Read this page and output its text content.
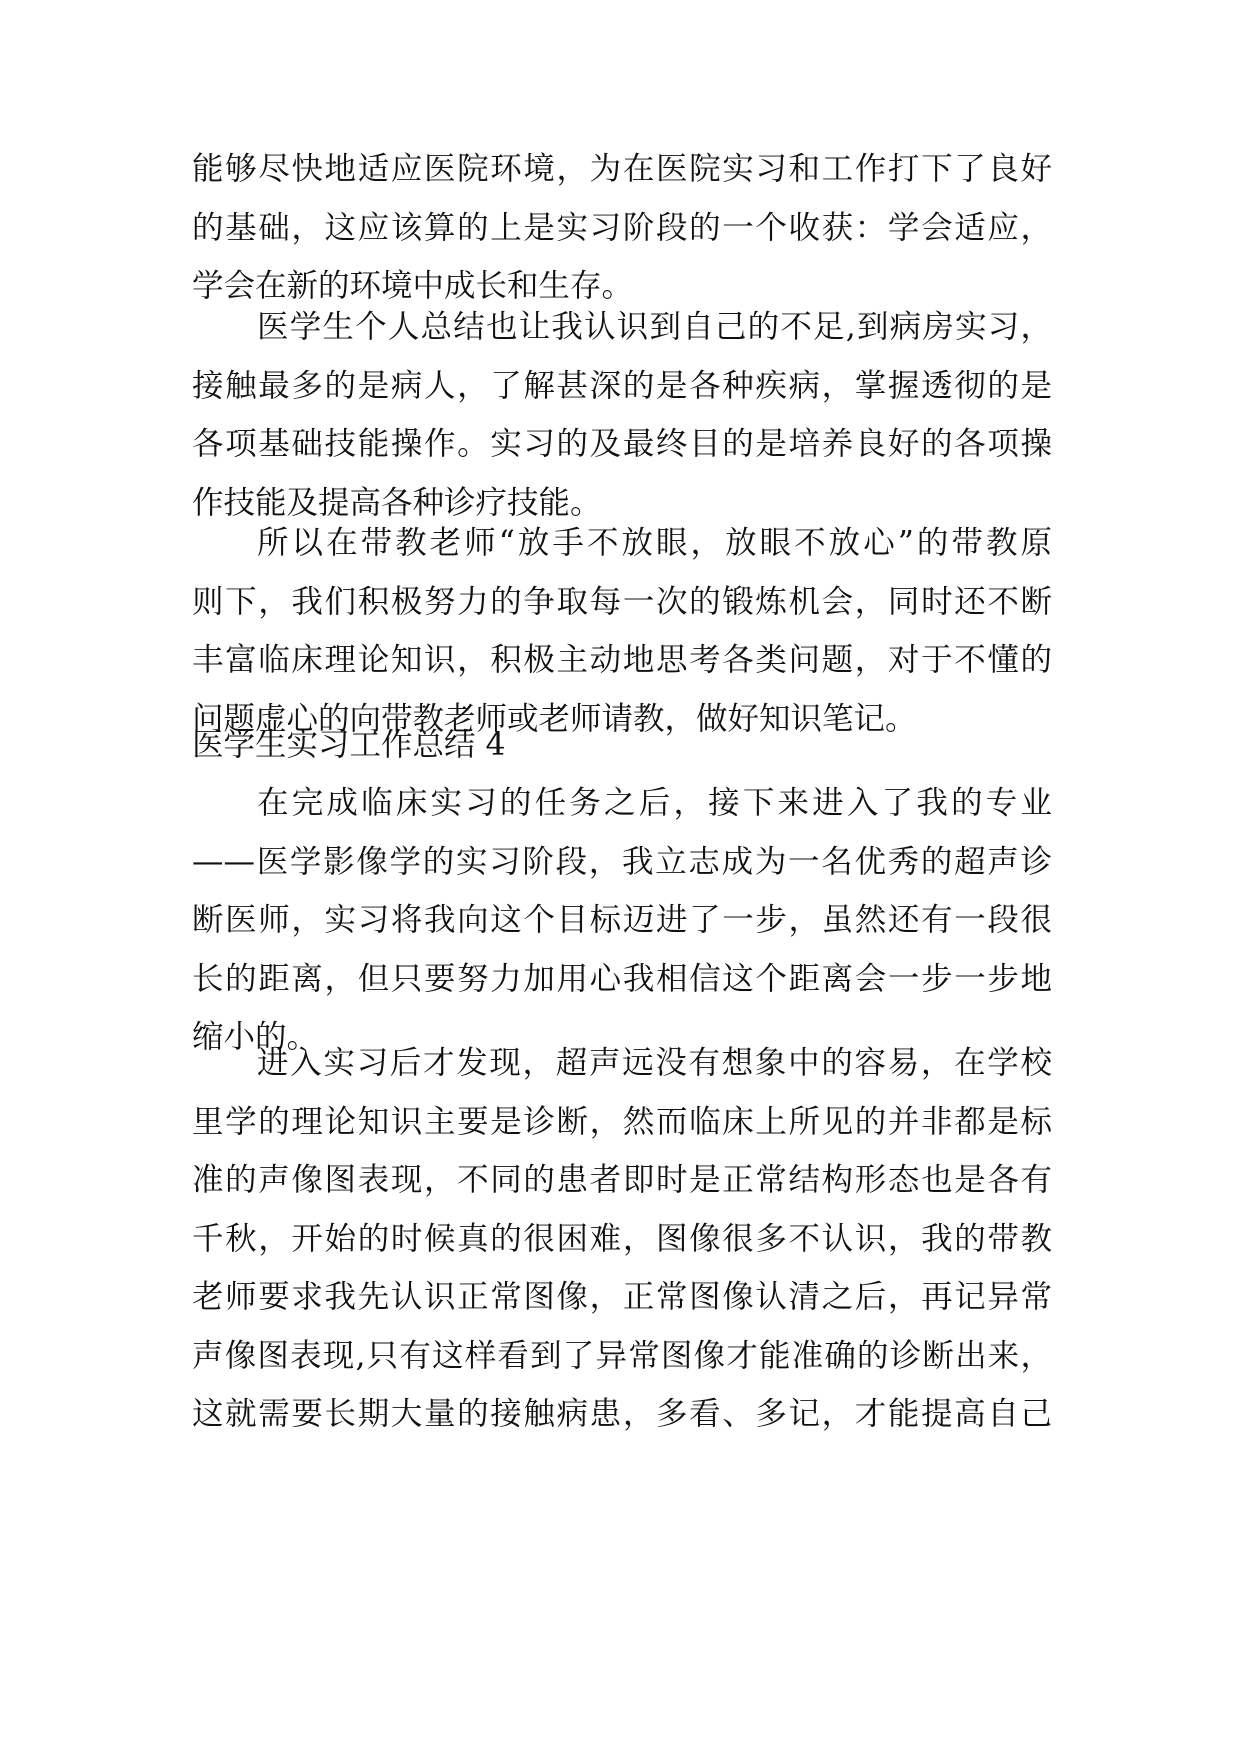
能够尽快地适应医院环境，为在医院实习和工作打下了良好
的基础，这应该算的上是实习阶段的一个收获：学会适应，
学会在新的环境中成长和生存。
医学生个人总结也让我认识到自己的不足,到病房实习，
接触最多的是病人，了解甚深的是各种疾病，掌握透彻的是
各项基础技能操作。实习的及最终目的是培养良好的各项操
作技能及提高各种诊疗技能。
所以在带教老师“放手不放眼，放眼不放心”的带教原
则下，我们积极努力的争取每一次的锻炼机会，同时还不断
丰富临床理论知识，积极主动地思考各类问题，对于不懂的
问题虚心的向带教老师或老师请教，做好知识笔记。
医学生实习工作总结 4
在完成临床实习的任务之后，接下来进入了我的专业
——医学影像学的实习阶段，我立志成为一名优秀的超声诊
断医师，实习将我向这个目标迈进了一步，虽然还有一段很
长的距离，但只要努力加用心我相信这个距离会一步一步地
缩小的。
进入实习后才发现，超声远没有想象中的容易，在学校
里学的理论知识主要是诊断，然而临床上所见的并非都是标
准的声像图表现，不同的患者即时是正常结构形态也是各有
千秋，开始的时候真的很困难，图像很多不认识，我的带教
老师要求我先认识正常图像，正常图像认清之后，再记异常
声像图表现,只有这样看到了异常图像才能准确的诊断出来，
这就需要长期大量的接触病患，多看、多记，才能提高自己
